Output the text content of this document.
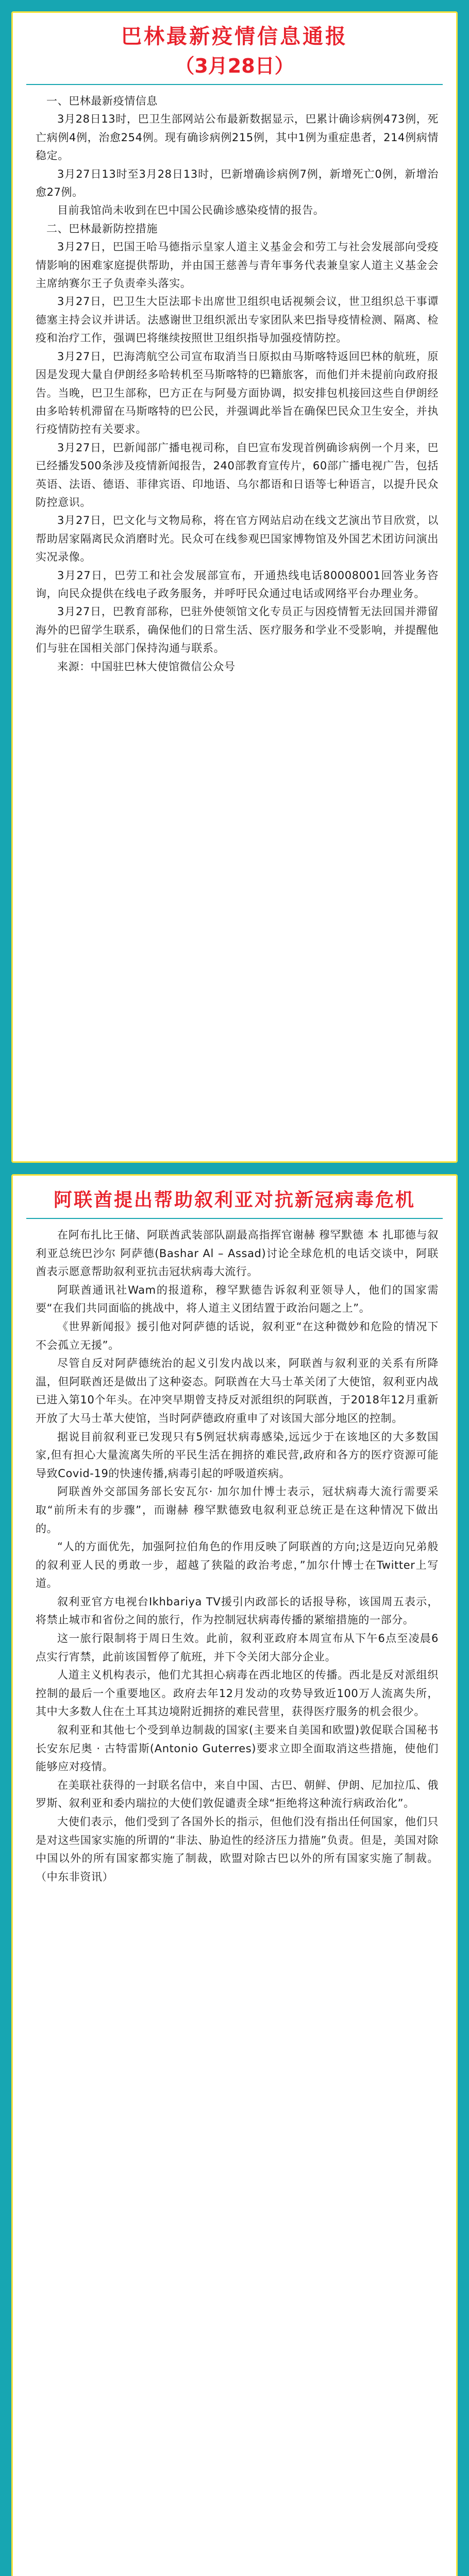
巴林最新疫情信息通报
（3月28日）

一、巴林最新疫情信息

3月28日13时，巴卫生部网站公布最新数据显示，巴累计确诊病例473例，死亡病例4例，治愈254例。现有确诊病例215例，其中1例为重症患者，214例病情稳定。

3月27日13时至3月28日13时，巴新增确诊病例7例，新增死亡0例，新增治愈27例。

目前我馆尚未收到在巴中国公民确诊感染疫情的报告。

二、巴林最新防控措施

3月27日，巴国王哈马德指示皇家人道主义基金会和劳工与社会发展部向受疫情影响的困难家庭提供帮助，并由国王慈善与青年事务代表兼皇家人道主义基金会主席纳赛尔王子负责牵头落实。

3月27日，巴卫生大臣法耶卡出席世卫组织电话视频会议，世卫组织总干事谭德塞主持会议并讲话。法感谢世卫组织派出专家团队来巴指导疫情检测、隔离、检疫和治疗工作，强调巴将继续按照世卫组织指导加强疫情防控。

3月27日，巴海湾航空公司宣布取消当日原拟由马斯喀特返回巴林的航班，原因是发现大量自伊朗经多哈转机至马斯喀特的巴籍旅客，而他们并未提前向政府报告。当晚，巴卫生部称，巴方正在与阿曼方面协调，拟安排包机接回这些自伊朗经由多哈转机滞留在马斯喀特的巴公民，并强调此举旨在确保巴民众卫生安全，并执行疫情防控有关要求。

3月27日，巴新闻部广播电视司称，自巴宣布发现首例确诊病例一个月来，巴已经播发500条涉及疫情新闻报告，240部教育宣传片，60部广播电视广告，包括英语、法语、德语、菲律宾语、印地语、乌尔都语和日语等七种语言，以提升民众防控意识。

3月27日，巴文化与文物局称，将在官方网站启动在线文艺演出节目欣赏，以帮助居家隔离民众消磨时光。民众可在线参观巴国家博物馆及外国艺术团访问演出实况录像。

3月27日，巴劳工和社会发展部宣布，开通热线电话80008001回答业务咨询，向民众提供在线电子政务服务，并呼吁民众通过电话或网络平台办理业务。

3月27日，巴教育部称，巴驻外使领馆文化专员正与因疫情暂无法回国并滞留海外的巴留学生联系，确保他们的日常生活、医疗服务和学业不受影响，并提醒他们与驻在国相关部门保持沟通与联系。

来源：中国驻巴林大使馆微信公众号

阿联酋提出帮助叙利亚对抗新冠病毒危机

在阿布扎比王储、阿联酋武装部队副最高指挥官谢赫 穆罕默德 本 扎耶德与叙利亚总统巴沙尔 阿萨德(Bashar Al – Assad)讨论全球危机的电话交谈中，阿联酋表示愿意帮助叙利亚抗击冠状病毒大流行。

阿联酋通讯社Wam的报道称，穆罕默德告诉叙利亚领导人，他们的国家需要“在我们共同面临的挑战中，将人道主义团结置于政治问题之上”。

《世界新闻报》援引他对阿萨德的话说，叙利亚“在这种微妙和危险的情况下不会孤立无援”。

尽管自反对阿萨德统治的起义引发内战以来，阿联酋与叙利亚的关系有所降温，但阿联酋还是做出了这种姿态。阿联酋在大马士革关闭了大使馆，叙利亚内战已进入第10个年头。在冲突早期曾支持反对派组织的阿联酋，于2018年12月重新开放了大马士革大使馆，当时阿萨德政府重申了对该国大部分地区的控制。

据说目前叙利亚已发现只有5例冠状病毒感染,远远少于在该地区的大多数国家,但有担心大量流离失所的平民生活在拥挤的难民营,政府和各方的医疗资源可能导致Covid-19的快速传播,病毒引起的呼吸道疾病。

阿联酋外交部国务部长安瓦尔· 加尔加什博士表示，冠状病毒大流行需要采取“前所未有的步骤”，而谢赫 穆罕默德致电叙利亚总统正是在这种情况下做出的。

“人的方面优先，加强阿拉伯角色的作用反映了阿联酋的方向;这是迈向兄弟般的叙利亚人民的勇敢一步，超越了狭隘的政治考虑，”加尔什博士在Twitter上写道。

叙利亚官方电视台Ikhbariya TV援引内政部长的话报导称，该国周五表示，将禁止城市和省份之间的旅行，作为控制冠状病毒传播的紧缩措施的一部分。

这一旅行限制将于周日生效。此前，叙利亚政府本周宣布从下午6点至凌晨6点实行宵禁，此前该国暂停了航班，并下令关闭大部分企业。

人道主义机构表示，他们尤其担心病毒在西北地区的传播。西北是反对派组织控制的最后一个重要地区。政府去年12月发动的攻势导致近100万人流离失所，其中大多数人住在土耳其边境附近拥挤的难民营里，获得医疗服务的机会很少。

叙利亚和其他七个受到单边制裁的国家(主要来自美国和欧盟)敦促联合国秘书长安东尼奥 · 古特雷斯(Antonio Guterres)要求立即全面取消这些措施，使他们能够应对疫情。

在美联社获得的一封联名信中，来自中国、古巴、朝鲜、伊朗、尼加拉瓜、俄罗斯、叙利亚和委内瑞拉的大使们敦促谴责全球“拒绝将这种流行病政治化”。

大使们表示，他们受到了各国外长的指示，但他们没有指出任何国家，他们只是对这些国家实施的所谓的“非法、胁迫性的经济压力措施”负责。但是，美国对除中国以外的所有国家都实施了制裁，欧盟对除古巴以外的所有国家实施了制裁。（中东非资讯）
